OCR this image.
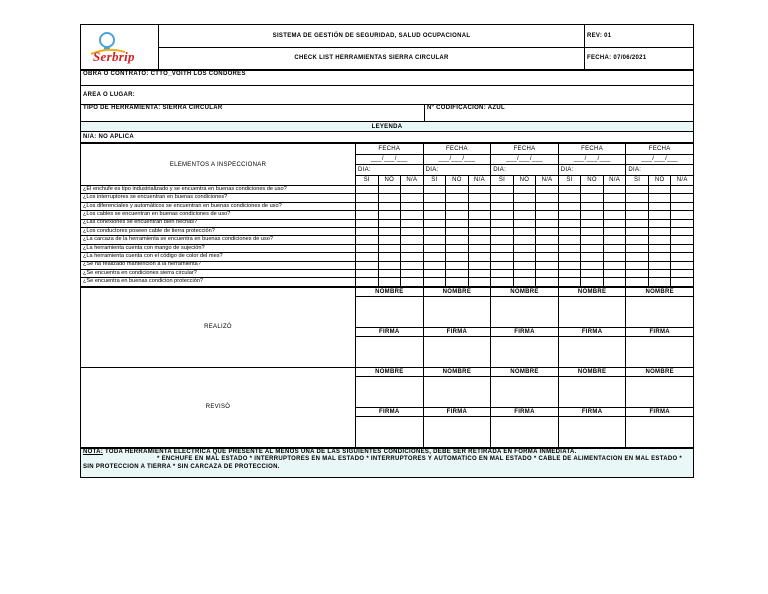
Serbrip	SISTEMA DE GESTIÓN DE SEGURIDAD, SALUD OCUPACIONAL	REV: 01
	CHECK LIST HERRAMIENTAS SIERRA CIRCULAR	FECHA: 07/06/2021
OBRA O CONTRATO: CTTO_VOITH LOS CONDORES
AREA O LUGAR:
TIPO DE HERRAMIENTA: SIERRA CIRCULAR	Nº CODIFICACION: AZUL
LEYENDA
N/A: NO APLICA
ELEMENTOS A INSPECCIONAR	FECHA			FECHA			FECHA			FECHA			FECHA		
	___/___/___			___/___/___			___/___/___			___/___/___			___/___/___		
	DIA:			DIA:			DIA:			DIA:			DIA:		
	SI	NO	N/A	SI	NO	N/A	SI	NO	N/A	SI	NO	N/A	SI	NO	N/A
¿El enchufe es tipo industrializado y se encuentra en buenas condiciones de uso?															
¿Los interruptores se encuentran en buenas condiciones?															
¿Los diferenciales y automáticos se encuentran en buenas condiciones de uso?															
¿Los cables se encuentran en buenas condiciones de uso?															
¿Las conexiones se encuentran bien hechas?															
¿Los conductores poseen cable de tierra protección?															
¿La carcaza de la herramienta se encuentra en buenas condiciones de uso?															
¿La herramienta cuenta con mango de sujeción?															
¿La herramienta cuenta con el código de color del mes?															
¿Se ha realizado mantención a la herramienta?															
¿Se encuentra en condiciones sierra circular?															
¿Se encuentra en buenas condicion protección?															
REALIZÓ	NOMBRE	NOMBRE	NOMBRE	NOMBRE	NOMBRE

	FIRMA	FIRMA	FIRMA	FIRMA	FIRMA

REVISÓ	NOMBRE	NOMBRE	NOMBRE	NOMBRE	NOMBRE

	FIRMA	FIRMA	FIRMA	FIRMA	FIRMA

NOTA: TODA HERRAMIENTA ELECTRICA QUE PRESENTE AL MENOS UNA DE LAS SIGUIENTES CONDICIONES, DEBE SER RETIRADA EN FORMA INMEDIATA.
* ENCHUFE EN MAL ESTADO * INTERRUPTORES EN MAL ESTADO * INTERRUPTORES Y AUTOMATICO EN MAL ESTADO * CABLE DE ALIMENTACION EN MAL ESTADO * SIN PROTECCION A TIERRA * SIN CARCAZA DE PROTECCION.
